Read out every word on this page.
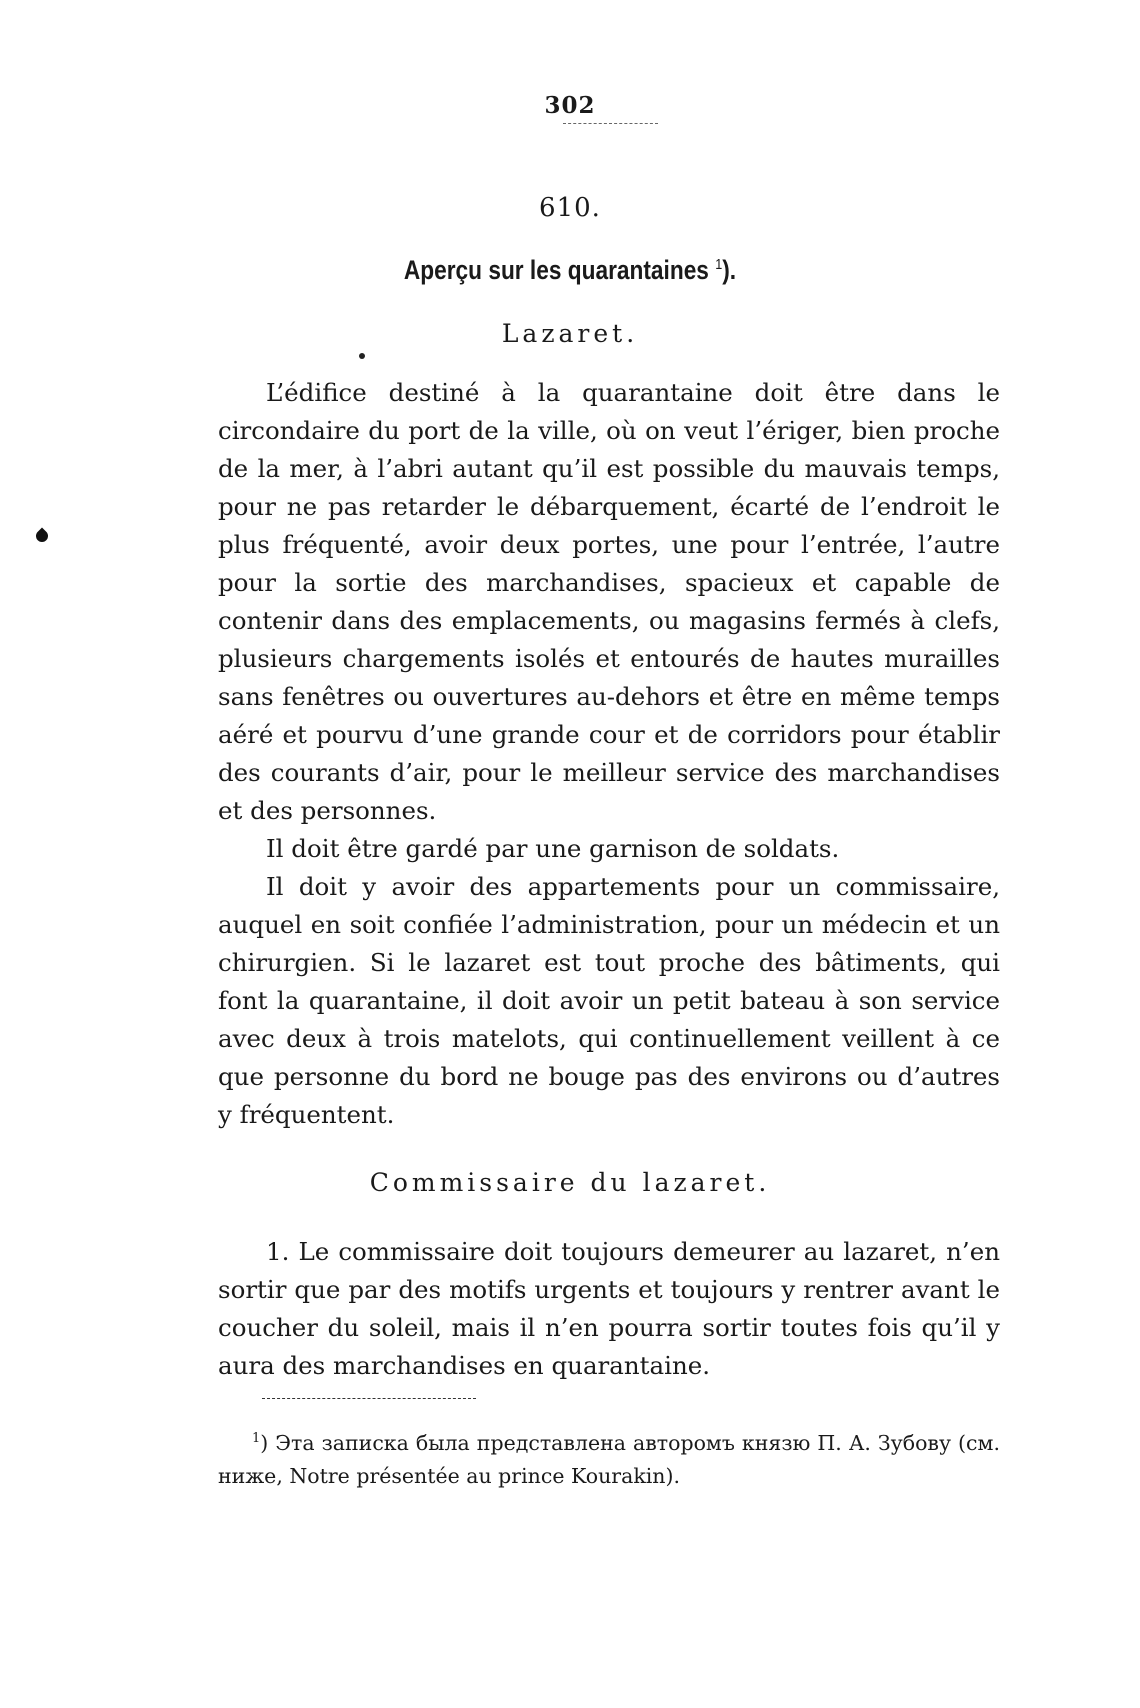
302
610.
Aperçu sur les quarantaines $^1$).
Lazaret.

L’édifice destiné à la quarantaine doit être dans le circondaire du port de la ville, où on veut l’ériger, bien proche de la mer, à l’abri autant qu’il est possible du mauvais temps, pour ne pas retarder le débarquement, écarté de l’endroit le plus fréquenté, avoir deux portes, une pour l’entrée, l’autre pour la sortie des marchandises, spacieux et capable de contenir dans des emplacements, ou magasins fermés à clefs, plusieurs chargements isolés et entourés de hautes murailles sans fenêtres ou ouvertures au-dehors et être en même temps aéré et pourvu d’une grande cour et de corridors pour établir des courants d’air, pour le meilleur service des marchandises et des personnes.

Il doit être gardé par une garnison de soldats.

Il doit y avoir des appartements pour un commissaire, auquel en soit confiée l’administration, pour un médecin et un chirurgien. Si le lazaret est tout proche des bâtiments, qui font la quarantaine, il doit avoir un petit bateau à son service avec deux à trois matelots, qui continuellement veillent à ce que personne du bord ne bouge pas des environs ou d’autres y fréquentent.

Commissaire du lazaret.

1. Le commissaire doit toujours demeurer au lazaret, n’en sortir que par des motifs urgents et toujours y rentrer avant le coucher du soleil, mais il n’en pourra sortir toutes fois qu’il y aura des marchandises en quarantaine.

$^1$) Эта записка была представлена авторомъ князю П. А. Зубову (см. ниже, Notre présentée au prince Kourakin).
